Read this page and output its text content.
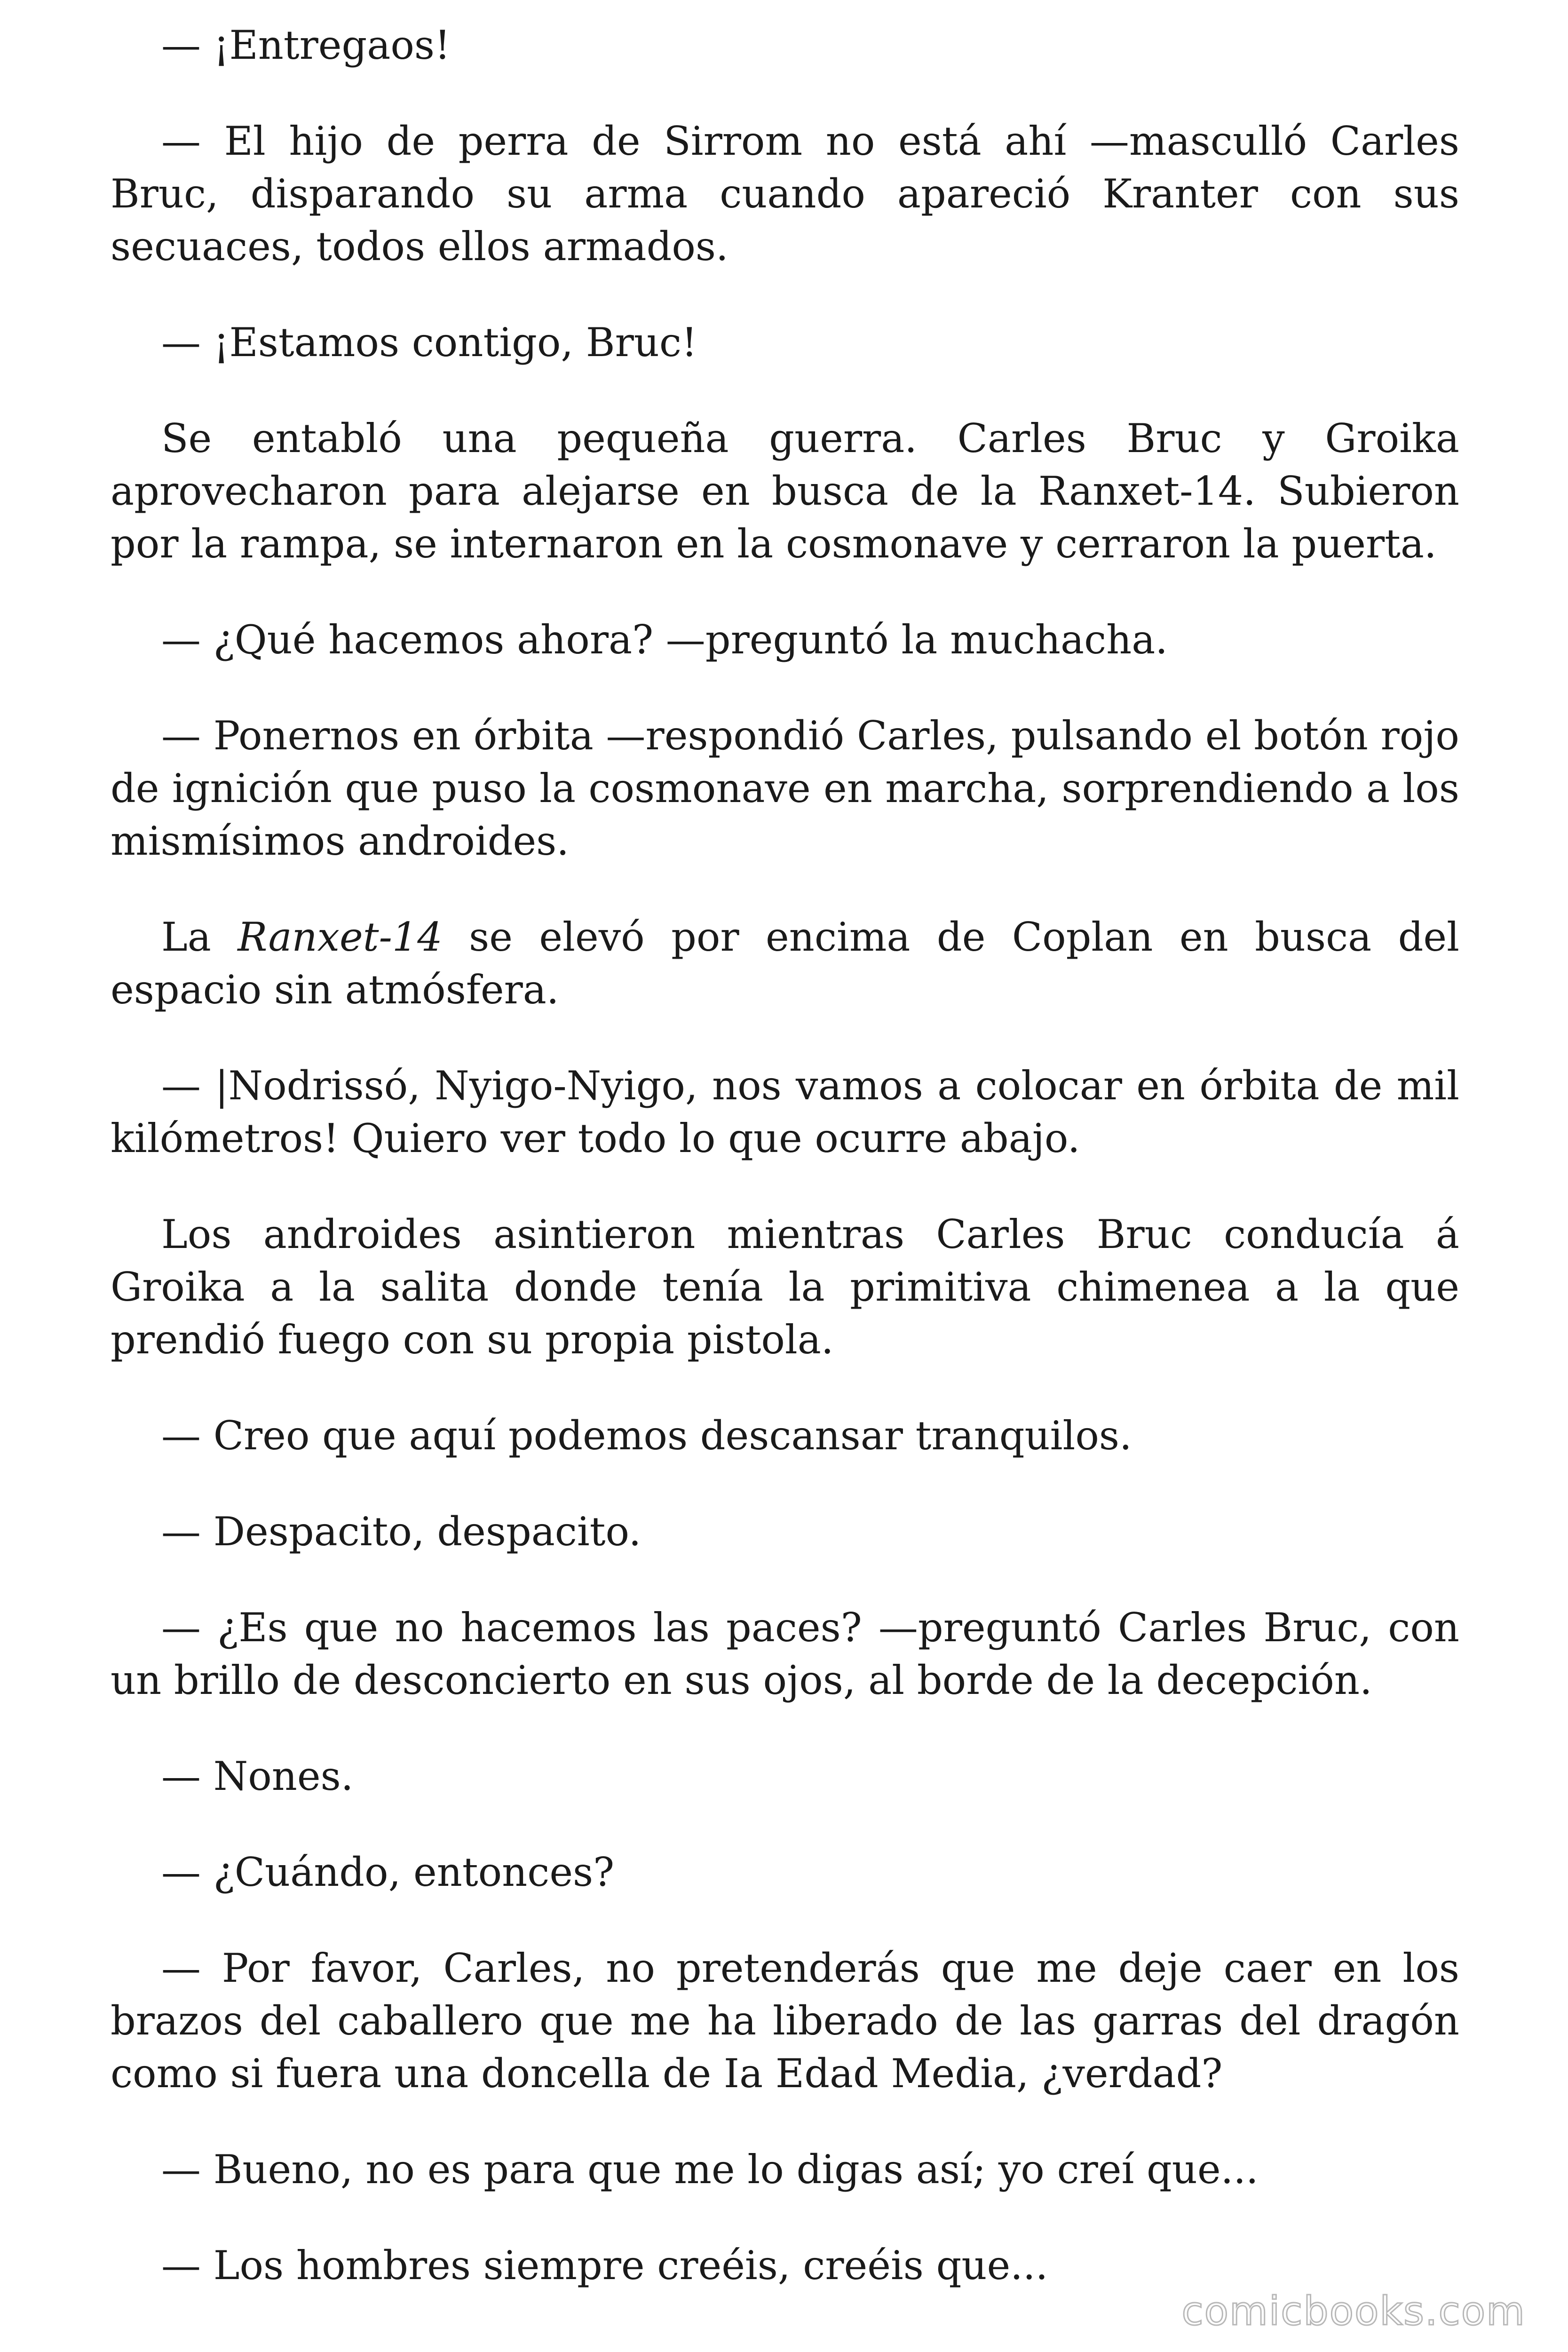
— ¡Entregaos!

— El hijo de perra de Sirrom no está ahí —masculló Carles Bruc, disparando su arma cuando apareció Kranter con sus secuaces, todos ellos armados.

— ¡Estamos contigo, Bruc!

Se entabló una pequeña guerra. Carles Bruc y Groika aprovecharon para alejarse en busca de la Ranxet-14. Subieron por la rampa, se internaron en la cosmonave y cerraron la puerta.

— ¿Qué hacemos ahora? —preguntó la muchacha.

— Ponernos en órbita —respondió Carles, pulsando el botón rojo de ignición que puso la cosmonave en marcha, sorprendiendo a los mismísimos androides.

La Ranxet-14 se elevó por encima de Coplan en busca del espacio sin atmósfera.

— |Nodrissó, Nyigo-Nyigo, nos vamos a colocar en órbita de mil kilómetros! Quiero ver todo lo que ocurre abajo.

Los androides asintieron mientras Carles Bruc conducía á Groika a la salita donde tenía la primitiva chimenea a la que prendió fuego con su propia pistola.

— Creo que aquí podemos descansar tranquilos.

— Despacito, despacito.

— ¿Es que no hacemos las paces? —preguntó Carles Bruc, con un brillo de desconcierto en sus ojos, al borde de la decepción.

— Nones.

— ¿Cuándo, entonces?

— Por favor, Carles, no pretenderás que me deje caer en los brazos del caballero que me ha liberado de las garras del dragón como si fuera una doncella de Ia Edad Media, ¿verdad?

— Bueno, no es para que me lo digas así; yo creí que...

— Los hombres siempre creéis, creéis que...

comicbooks.com
